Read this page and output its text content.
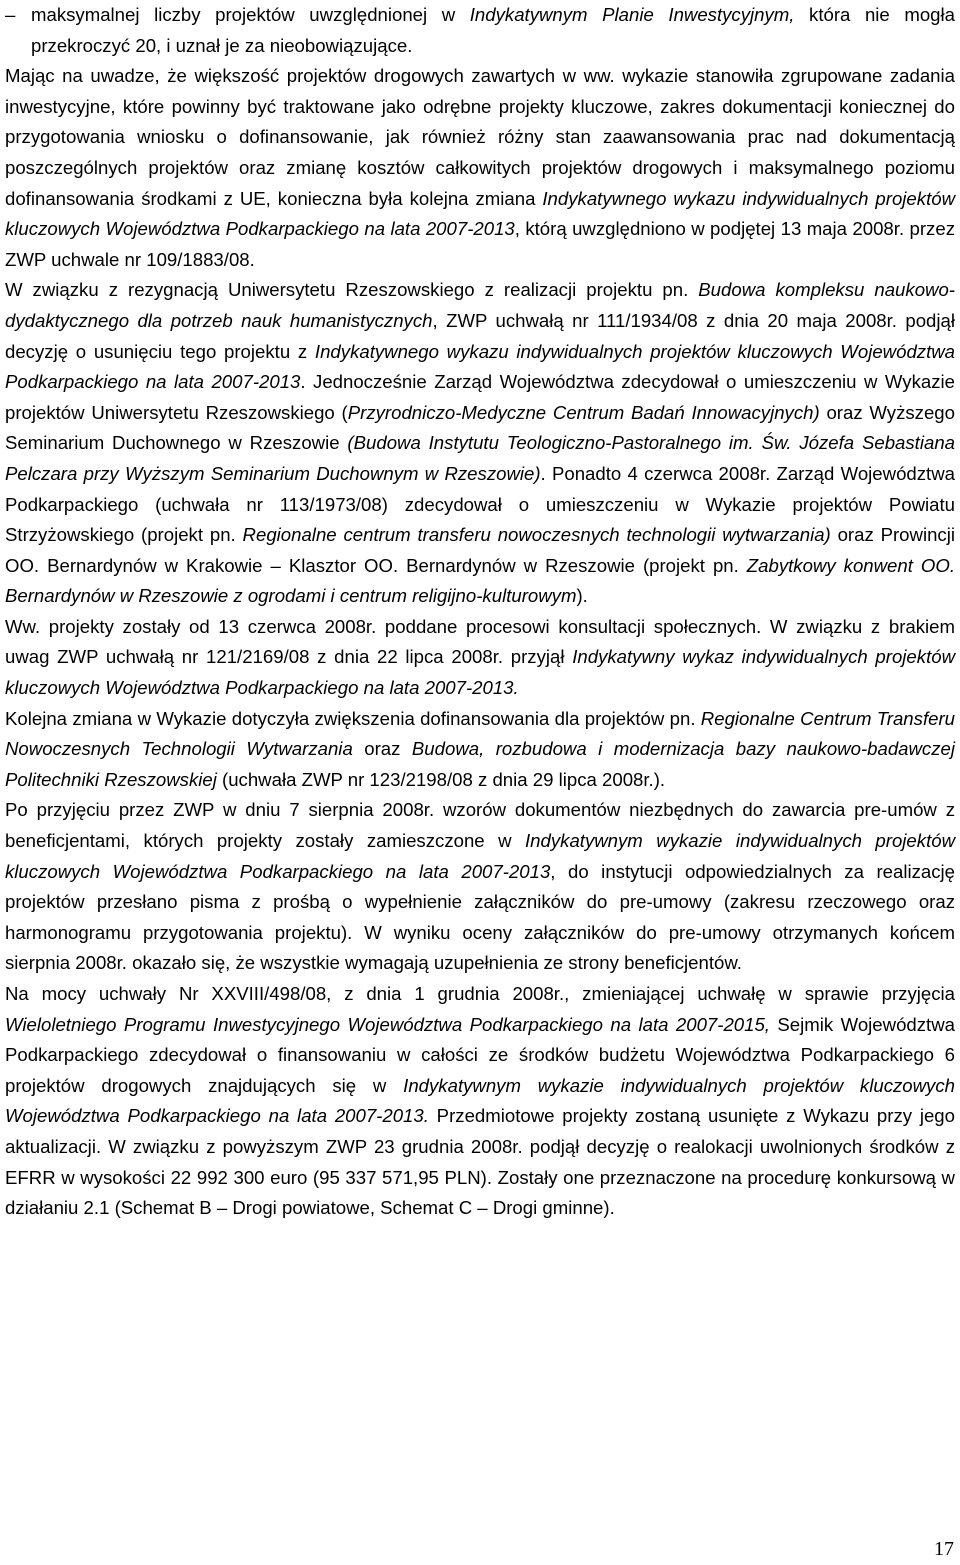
– maksymalnej liczby projektów uwzględnionej w Indykatywnym Planie Inwestycyjnym, która nie mogła przekroczyć 20, i uznał je za nieobowiązujące.
Mając na uwadze, że większość projektów drogowych zawartych w ww. wykazie stanowiła zgrupowane zadania inwestycyjne, które powinny być traktowane jako odrębne projekty kluczowe, zakres dokumentacji koniecznej do przygotowania wniosku o dofinansowanie, jak również różny stan zaawansowania prac nad dokumentacją poszczególnych projektów oraz zmianę kosztów całkowitych projektów drogowych i maksymalnego poziomu dofinansowania środkami z UE, konieczna była kolejna zmiana Indykatywnego wykazu indywidualnych projektów kluczowych Województwa Podkarpackiego na lata 2007-2013, którą uwzględniono w podjętej 13 maja 2008r. przez ZWP uchwale nr 109/1883/08.
W związku z rezygnacją Uniwersytetu Rzeszowskiego z realizacji projektu pn. Budowa kompleksu naukowo-dydaktycznego dla potrzeb nauk humanistycznych, ZWP uchwałą nr 111/1934/08 z dnia 20 maja 2008r. podjął decyzję o usunięciu tego projektu z Indykatywnego wykazu indywidualnych projektów kluczowych Województwa Podkarpackiego na lata 2007-2013. Jednocześnie Zarząd Województwa zdecydował o umieszczeniu w Wykazie projektów Uniwersytetu Rzeszowskiego (Przyrodniczo-Medyczne Centrum Badań Innowacyjnych) oraz Wyższego Seminarium Duchownego w Rzeszowie (Budowa Instytutu Teologiczno-Pastoralnego im. Św. Józefa Sebastiana Pelczara przy Wyższym Seminarium Duchownym w Rzeszowie). Ponadto 4 czerwca 2008r. Zarząd Województwa Podkarpackiego (uchwała nr 113/1973/08) zdecydował o umieszczeniu w Wykazie projektów Powiatu Strzyżowskiego (projekt pn. Regionalne centrum transferu nowoczesnych technologii wytwarzania) oraz Prowincji OO. Bernardynów w Krakowie – Klasztor OO. Bernardynów w Rzeszowie (projekt pn. Zabytkowy konwent OO. Bernardynów w Rzeszowie z ogrodami i centrum religijno-kulturowym).
Ww. projekty zostały od 13 czerwca 2008r. poddane procesowi konsultacji społecznych. W związku z brakiem uwag ZWP uchwałą nr 121/2169/08 z dnia 22 lipca 2008r. przyjął Indykatywny wykaz indywidualnych projektów kluczowych Województwa Podkarpackiego na lata 2007-2013.
Kolejna zmiana w Wykazie dotyczyła zwiększenia dofinansowania dla projektów pn. Regionalne Centrum Transferu Nowoczesnych Technologii Wytwarzania oraz Budowa, rozbudowa i modernizacja bazy naukowo-badawczej Politechniki Rzeszowskiej (uchwała ZWP nr 123/2198/08 z dnia 29 lipca 2008r.).
Po przyjęciu przez ZWP w dniu 7 sierpnia 2008r. wzorów dokumentów niezbędnych do zawarcia pre-umów z beneficjentami, których projekty zostały zamieszczone w Indykatywnym wykazie indywidualnych projektów kluczowych Województwa Podkarpackiego na lata 2007-2013, do instytucji odpowiedzialnych za realizację projektów przesłano pisma z prośbą o wypełnienie załączników do pre-umowy (zakresu rzeczowego oraz harmonogramu przygotowania projektu). W wyniku oceny załączników do pre-umowy otrzymanych końcem sierpnia 2008r. okazało się, że wszystkie wymagają uzupełnienia ze strony beneficjentów.
Na mocy uchwały Nr XXVIII/498/08, z dnia 1 grudnia 2008r., zmieniającej uchwałę w sprawie przyjęcia Wieloletniego Programu Inwestycyjnego Województwa Podkarpackiego na lata 2007-2015, Sejmik Województwa Podkarpackiego zdecydował o finansowaniu w całości ze środków budżetu Województwa Podkarpackiego 6 projektów drogowych znajdujących się w Indykatywnym wykazie indywidualnych projektów kluczowych Województwa Podkarpackiego na lata 2007-2013. Przedmiotowe projekty zostaną usunięte z Wykazu przy jego aktualizacji. W związku z powyższym ZWP 23 grudnia 2008r. podjął decyzję o realokacji uwolnionych środków z EFRR w wysokości 22 992 300 euro (95 337 571,95 PLN). Zostały one przeznaczone na procedurę konkursową w działaniu 2.1 (Schemat B – Drogi powiatowe, Schemat C – Drogi gminne).
17
